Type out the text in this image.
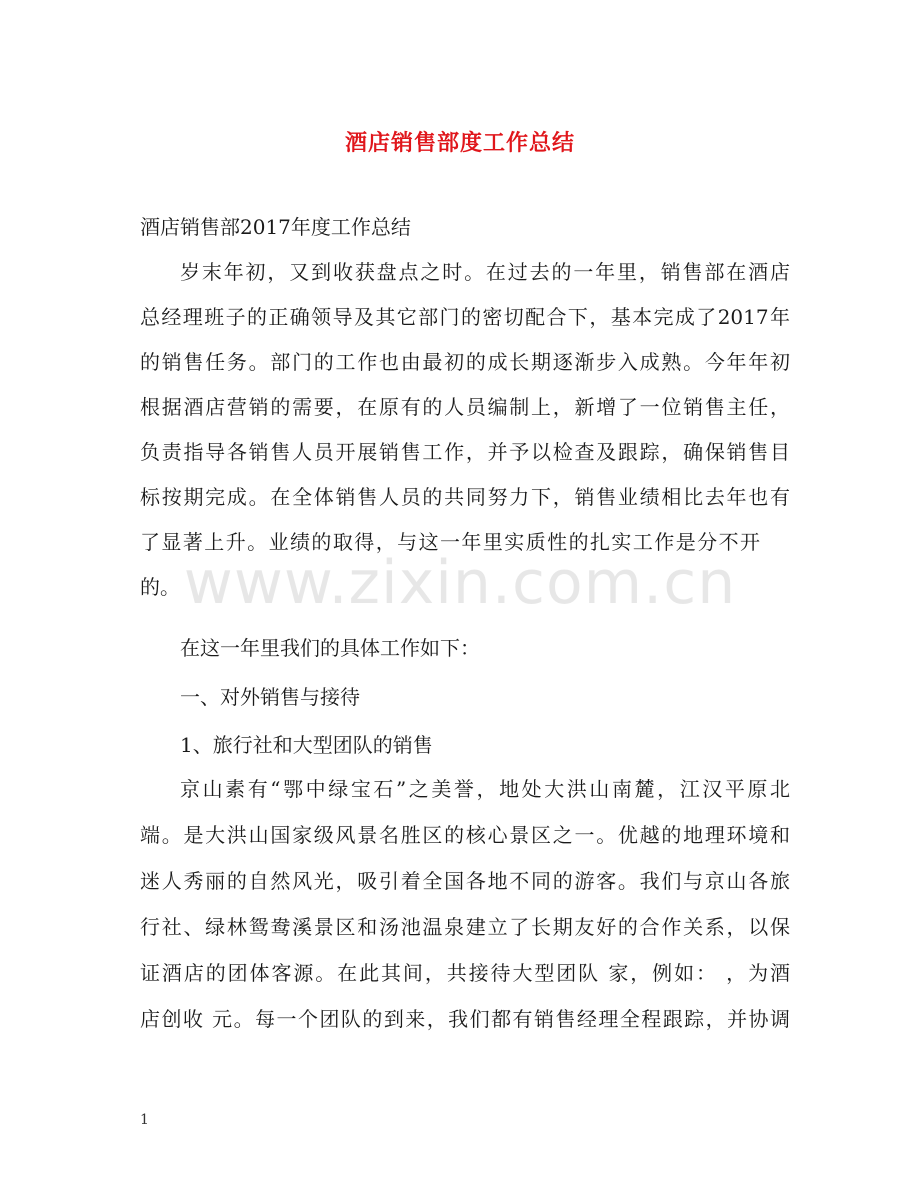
酒店销售部度工作总结
酒店销售部2017年度工作总结
岁末年初，又到收获盘点之时。在过去的一年里，销售部在酒店
总经理班子的正确领导及其它部门的密切配合下，基本完成了2017年
的销售任务。部门的工作也由最初的成长期逐渐步入成熟。今年年初
根据酒店营销的需要，在原有的人员编制上，新增了一位销售主任，
负责指导各销售人员开展销售工作，并予以检查及跟踪，确保销售目
标按期完成。在全体销售人员的共同努力下，销售业绩相比去年也有
了显著上升。业绩的取得，与这一年里实质性的扎实工作是分不开
的。
在这一年里我们的具体工作如下：
一、对外销售与接待
1、旅行社和大型团队的销售
京山素有“鄂中绿宝石”之美誉，地处大洪山南麓，江汉平原北
端。是大洪山国家级风景名胜区的核心景区之一。优越的地理环境和
迷人秀丽的自然风光，吸引着全国各地不同的游客。我们与京山各旅
行社、绿林鸳鸯溪景区和汤池温泉建立了长期友好的合作关系，以保
证酒店的团体客源。在此其间，共接待大型团队 家，例如： ，为酒
店创收 元。每一个团队的到来，我们都有销售经理全程跟踪，并协调
www.zixin.com.cn
1
